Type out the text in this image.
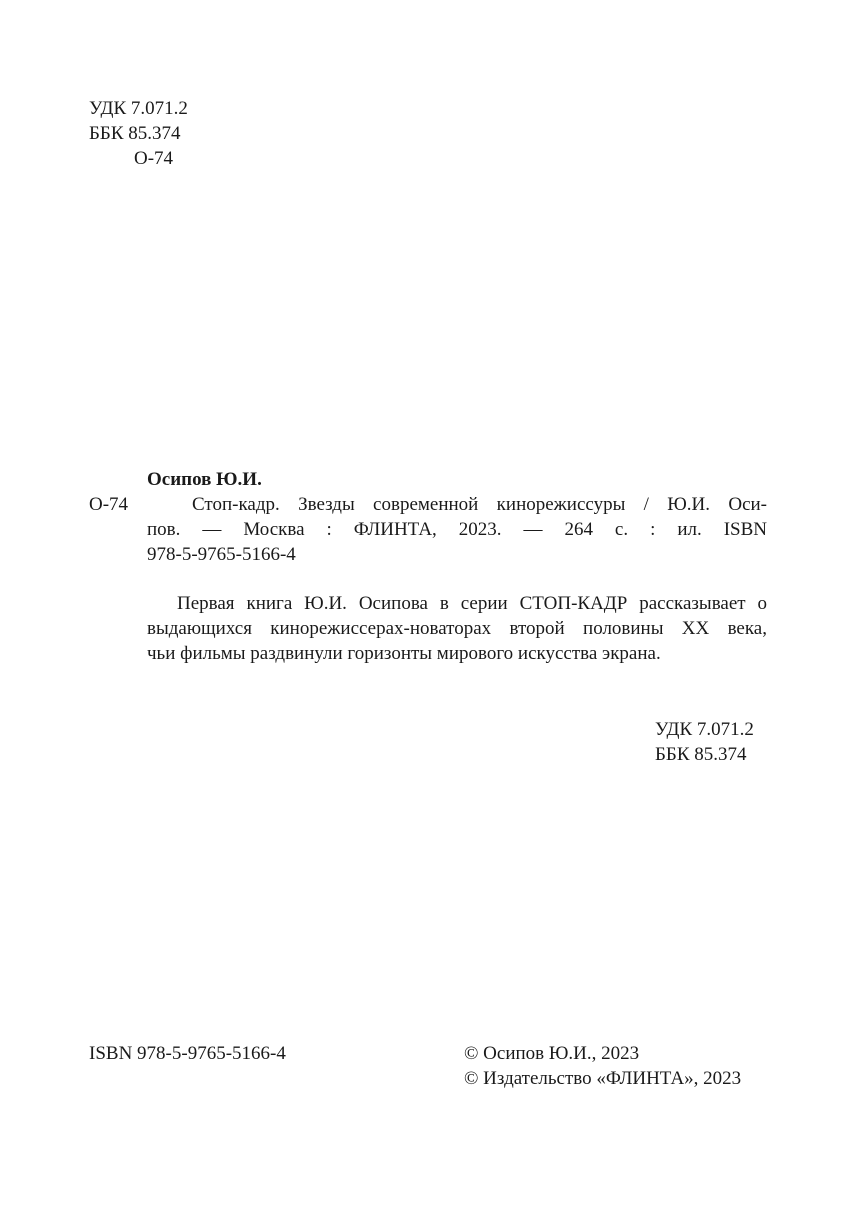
УДК 7.071.2
ББК 85.374
О-74
Осипов Ю.И.
О-74	Стоп-кадр. Звезды современной кинорежиссуры / Ю.И. Оси-
пов. — Москва : ФЛИНТА, 2023. — 264 с. : ил. ISBN
978-5-9765-5166-4
Первая книга Ю.И. Осипова в серии СТОП-КАДР рассказывает о
выдающихся кинорежиссерах-новаторах второй половины XX века,
чьи фильмы раздвинули горизонты мирового искусства экрана.
УДК 7.071.2
ББК 85.374
ISBN 978-5-9765-5166-4	© Осипов Ю.И., 2023
© Издательство «ФЛИНТА», 2023
